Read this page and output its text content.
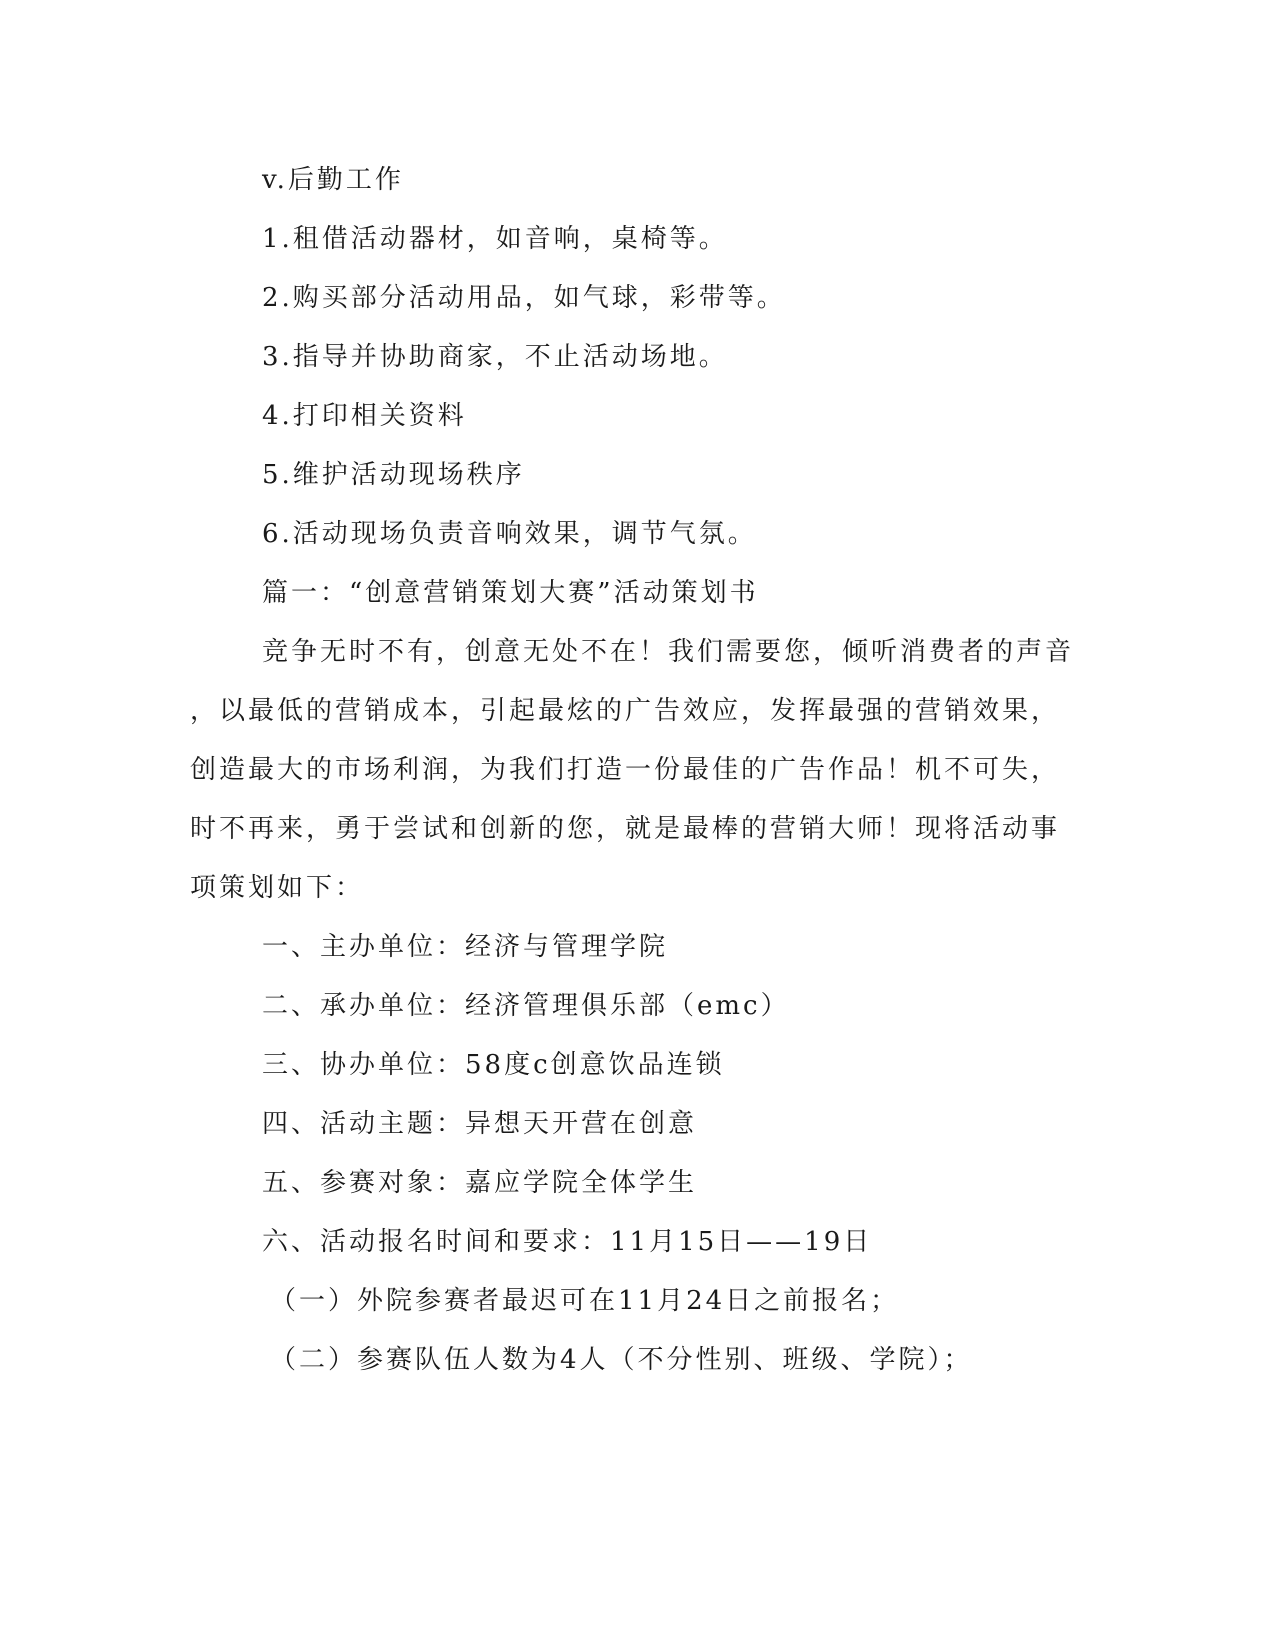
v.后勤工作
1.租借活动器材，如音响，桌椅等。
2.购买部分活动用品，如气球，彩带等。
3.指导并协助商家，不止活动场地。
4.打印相关资料
5.维护活动现场秩序
6.活动现场负责音响效果，调节气氛。
篇一：“创意营销策划大赛”活动策划书
竞争无时不有，创意无处不在！我们需要您，倾听消费者的声音
，以最低的营销成本，引起最炫的广告效应，发挥最强的营销效果，
创造最大的市场利润，为我们打造一份最佳的广告作品！机不可失，
时不再来，勇于尝试和创新的您，就是最棒的营销大师！现将活动事
项策划如下：
一、主办单位：经济与管理学院
二、承办单位：经济管理俱乐部（emc）
三、协办单位：58度c创意饮品连锁
四、活动主题：异想天开营在创意
五、参赛对象：嘉应学院全体学生
六、活动报名时间和要求：11月15日——19日
（一）外院参赛者最迟可在11月24日之前报名；
（二）参赛队伍人数为4人（不分性别、班级、学院）；
